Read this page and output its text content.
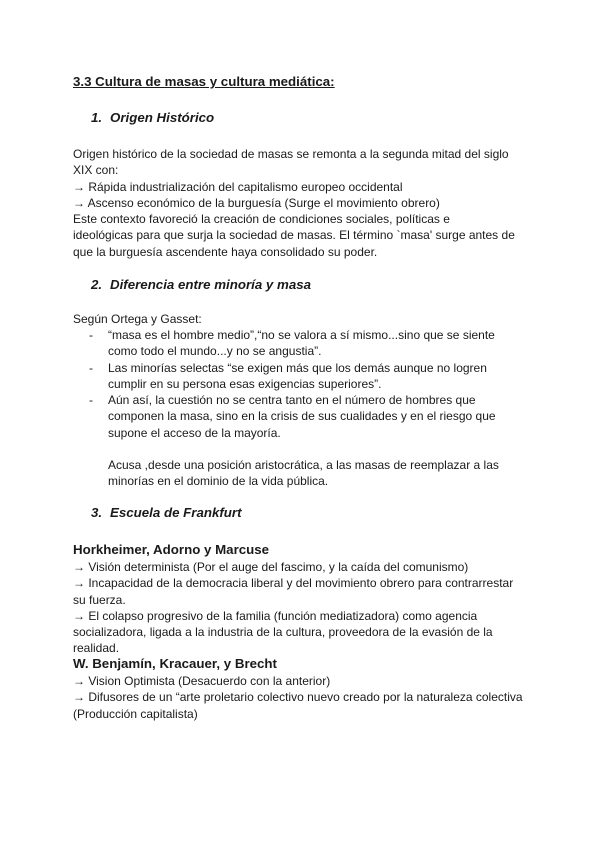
3.3 Cultura de masas y cultura mediática:
1. Origen Histórico
Origen histórico de la sociedad de masas se remonta a la segunda mitad del siglo
XIX con:
→ Rápida industrialización del capitalismo europeo occidental
→ Ascenso económico de la burguesía (Surge el movimiento obrero)
Este contexto favoreció la creación de condiciones sociales, políticas e
ideológicas para que surja la sociedad de masas. El término `masa' surge antes de
que la burguesía ascendente haya consolidado su poder.
2. Diferencia entre minoría y masa
Según Ortega y Gasset:
- “masa es el hombre medio”,“no se valora a sí mismo...sino que se siente
como todo el mundo...y no se angustia”.
- Las minorías selectas “se exigen más que los demás aunque no logren
cumplir en su persona esas exigencias superiores”.
- Aún así, la cuestión no se centra tanto en el número de hombres que
componen la masa, sino en la crisis de sus cualidades y en el riesgo que
supone el acceso de la mayoría.
Acusa ,desde una posición aristocrática, a las masas de reemplazar a las
minorías en el dominio de la vida pública.
3. Escuela de Frankfurt
Horkheimer, Adorno y Marcuse
→ Visión determinista (Por el auge del fascimo, y la caída del comunismo)
→ Incapacidad de la democracia liberal y del movimiento obrero para contrarrestar
su fuerza.
→ El colapso progresivo de la familia (función mediatizadora) como agencia
socializadora, ligada a la industria de la cultura, proveedora de la evasión de la
realidad.
W. Benjamín, Kracauer, y Brecht
→ Vision Optimista (Desacuerdo con la anterior)
→ Difusores de un “arte proletario colectivo nuevo creado por la naturaleza colectiva
(Producción capitalista)
